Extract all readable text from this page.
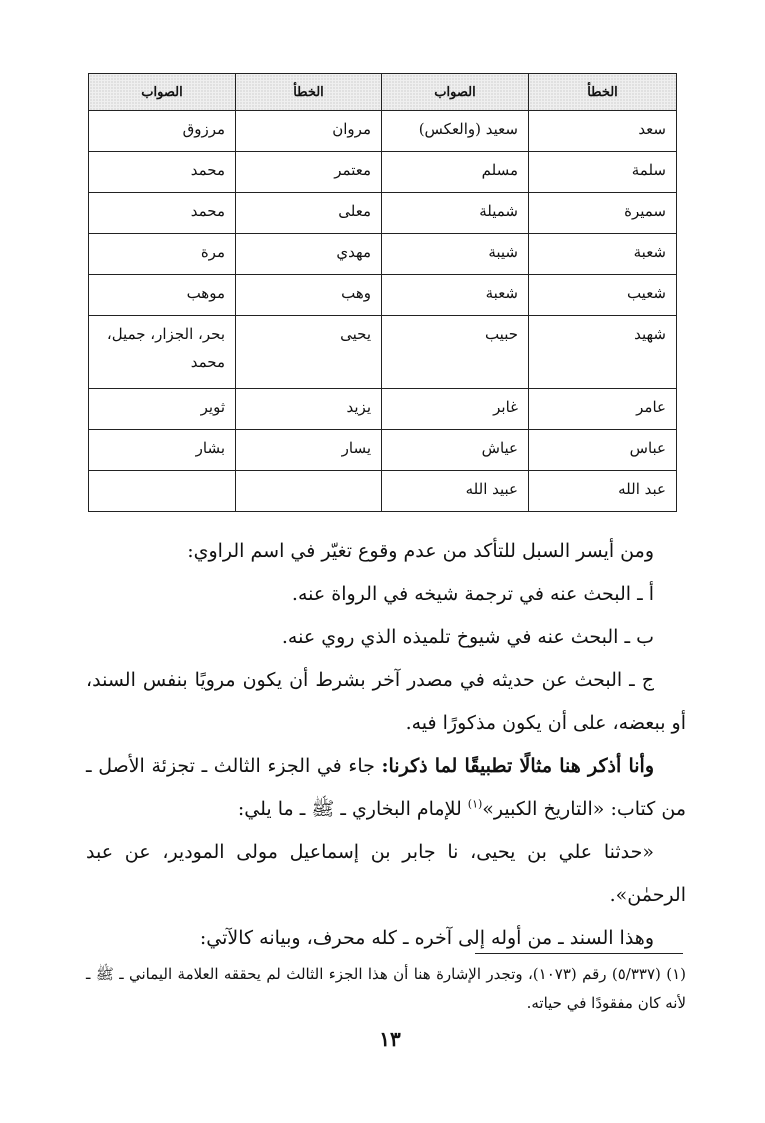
الخطأ	الصواب	الخطأ	الصواب
سعد	سعيد (والعكس)	مروان	مرزوق
سلمة	مسلم	معتمر	محمد
سميرة	شميلة	معلى	محمد
شعبة	شيبة	مهدي	مرة
شعيب	شعبة	وهب	موهب
شهيد	حبيب	يحيى	بحر، الجزار، جميل، محمد
عامر	غابر	يزيد	ثوير
عباس	عياش	يسار	بشار
عبد الله	عبيد الله		

ومن أيسر السبل للتأكد من عدم وقوع تغيّر في اسم الراوي:

أ ـ البحث عنه في ترجمة شيخه في الرواة عنه.

ب ـ البحث عنه في شيوخ تلميذه الذي روي عنه.

ج ـ البحث عن حديثه في مصدر آخر بشرط أن يكون مرويًا بنفس السند، أو ببعضه، على أن يكون مذكورًا فيه.

وأنا أذكر هنا مثالًا تطبيقًا لما ذكرنا: جاء في الجزء الثالث ـ تجزئة الأصل ـ من كتاب: «التاريخ الكبير»$^{(١)}$ للإمام البخاري ـ ﷺ ـ ما يلي:

«حدثنا علي بن يحيى، نا جابر بن إسماعيل مولى المودير، عن عبد الرحمٰن».

وهذا السند ـ من أوله إلى آخره ـ كله محرف، وبيانه كالآتي:

(١) (٥/٣٣٧) رقم (١٠٧٣)، وتجدر الإشارة هنا أن هذا الجزء الثالث لم يحققه العلامة اليماني ـ ﷺ ـ لأنه كان مفقودًا في حياته.
١٣
